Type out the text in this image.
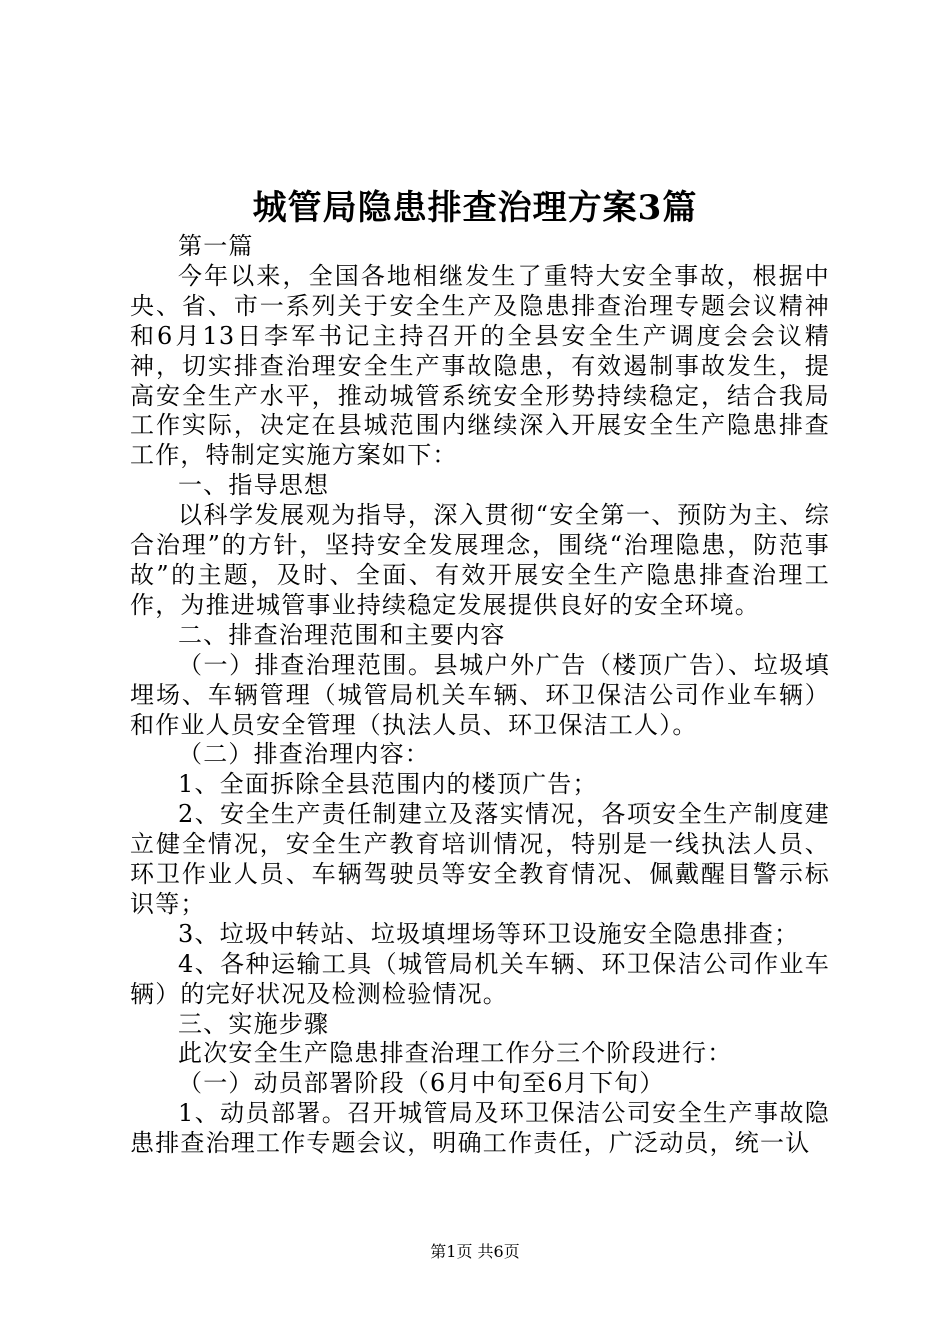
城管局隐患排查治理方案3篇

第一篇

今年以来，全国各地相继发生了重特大安全事故，根据中央、省、市一系列关于安全生产及隐患排查治理专题会议精神和6月13日李军书记主持召开的全县安全生产调度会会议精神，切实排查治理安全生产事故隐患，有效遏制事故发生，提高安全生产水平，推动城管系统安全形势持续稳定，结合我局工作实际，决定在县城范围内继续深入开展安全生产隐患排查工作，特制定实施方案如下：

一、指导思想

以科学发展观为指导，深入贯彻“安全第一、预防为主、综合治理”的方针，坚持安全发展理念，围绕“治理隐患，防范事故”的主题，及时、全面、有效开展安全生产隐患排查治理工作，为推进城管事业持续稳定发展提供良好的安全环境。

二、排查治理范围和主要内容

（一）排查治理范围。县城户外广告（楼顶广告）、垃圾填埋场、车辆管理（城管局机关车辆、环卫保洁公司作业车辆）和作业人员安全管理（执法人员、环卫保洁工人）。

（二）排查治理内容：

1、全面拆除全县范围内的楼顶广告；

2、安全生产责任制建立及落实情况，各项安全生产制度建立健全情况，安全生产教育培训情况，特别是一线执法人员、环卫作业人员、车辆驾驶员等安全教育情况、佩戴醒目警示标识等；

3、垃圾中转站、垃圾填埋场等环卫设施安全隐患排查；

4、各种运输工具（城管局机关车辆、环卫保洁公司作业车辆）的完好状况及检测检验情况。

三、实施步骤

此次安全生产隐患排查治理工作分三个阶段进行：

（一）动员部署阶段（6月中旬至6月下旬）

1、动员部署。召开城管局及环卫保洁公司安全生产事故隐患排查治理工作专题会议，明确工作责任，广泛动员，统一认

第1页 共6页
